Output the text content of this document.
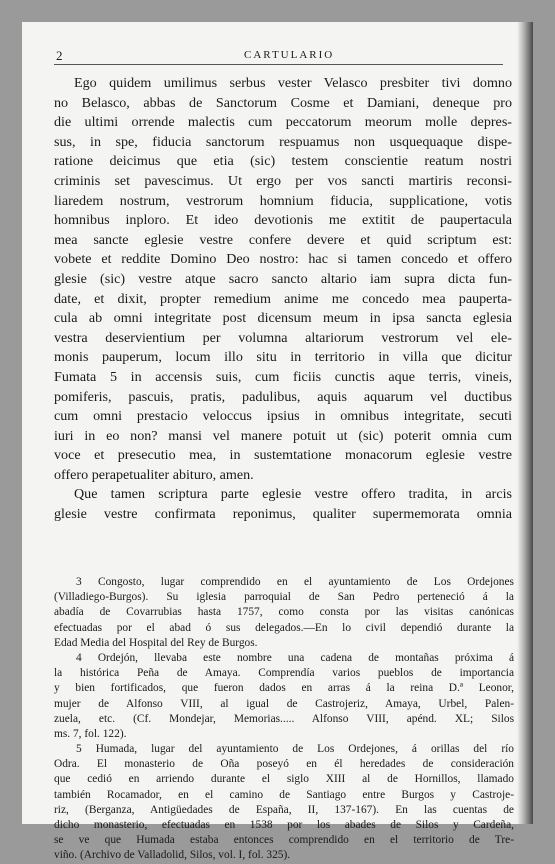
2	CARTULARIO
Ego quidem umilimus serbus vester Velasco presbiter tivi domno
no Belasco, abbas de Sanctorum Cosme et Damiani, deneque pro
die ultimi orrende malectis cum peccatorum meorum molle depres-
sus, in spe, fiducia sanctorum respuamus non usquequaque dispe-
ratione deicimus que etia (sic) testem conscientie reatum nostri
criminis set pavescimus. Ut ergo per vos sancti martiris reconsi-
liaredem nostrum, vestrorum homnium fiducia, supplicatione, votis
homnibus inploro. Et ideo devotionis me extitit de paupertacula
mea sancte eglesie vestre confere devere et quid scriptum est:
vobete et reddite Domino Deo nostro: hac si tamen concedo et offero
glesie (sic) vestre atque sacro sancto altario iam supra dicta fun-
date, et dixit, propter remedium anime me concedo mea pauperta-
cula ab omni integritate post dicensum meum in ipsa sancta eglesia
vestra deservientium per volumna altariorum vestrorum vel ele-
monis pauperum, locum illo situ in territorio in villa que dicitur
Fumata 5 in accensis suis, cum ficiis cunctis aque terris, vineis,
pomiferis, pascuis, pratis, padulibus, aquis aquarum vel ductibus
cum omni prestacio veloccus ipsius in omnibus integritate, secuti
iuri in eo non? mansi vel manere potuit ut (sic) poterit omnia cum
voce et presecutio mea, in sustemtatione monacorum eglesie vestre
offero perapetualiter abituro, amen.
Que tamen scriptura parte eglesie vestre offero tradita, in arcis
glesie vestre confirmata reponimus, qualiter supermemorata omnia
3 Congosto, lugar comprendido en el ayuntamiento de Los Ordejones
(Villadiego-Burgos). Su iglesia parroquial de San Pedro perteneció á la
abadía de Covarrubias hasta 1757, como consta por las visitas canónicas
efectuadas por el abad ó sus delegados.—En lo civil dependió durante la
Edad Media del Hospital del Rey de Burgos.
4 Ordejón, llevaba este nombre una cadena de montañas próxima á
la histórica Peña de Amaya. Comprendía varios pueblos de importancia
y bien fortificados, que fueron dados en arras á la reina D.ª Leonor,
mujer de Alfonso VIII, al igual de Castrojeriz, Amaya, Urbel, Palen-
zuela, etc. (Cf. Mondejar, Memorias..... Alfonso VIII, apénd. XL; Silos
ms. 7, fol. 122).
5 Humada, lugar del ayuntamiento de Los Ordejones, á orillas del río
Odra. El monasterio de Oña poseyó en él heredades de consideración
que cedió en arriendo durante el siglo XIII al de Hornillos, llamado
también Rocamador, en el camino de Santiago entre Burgos y Castroje-
riz, (Berganza, Antigüedades de España, II, 137-167). En las cuentas de
dicho monasterio, efectuadas en 1538 por los abades de Silos y Cardeña,
se ve que Humada estaba entonces comprendido en el territorio de Tre-
viño. (Archivo de Valladolid, Silos, vol. I, fol. 325).
